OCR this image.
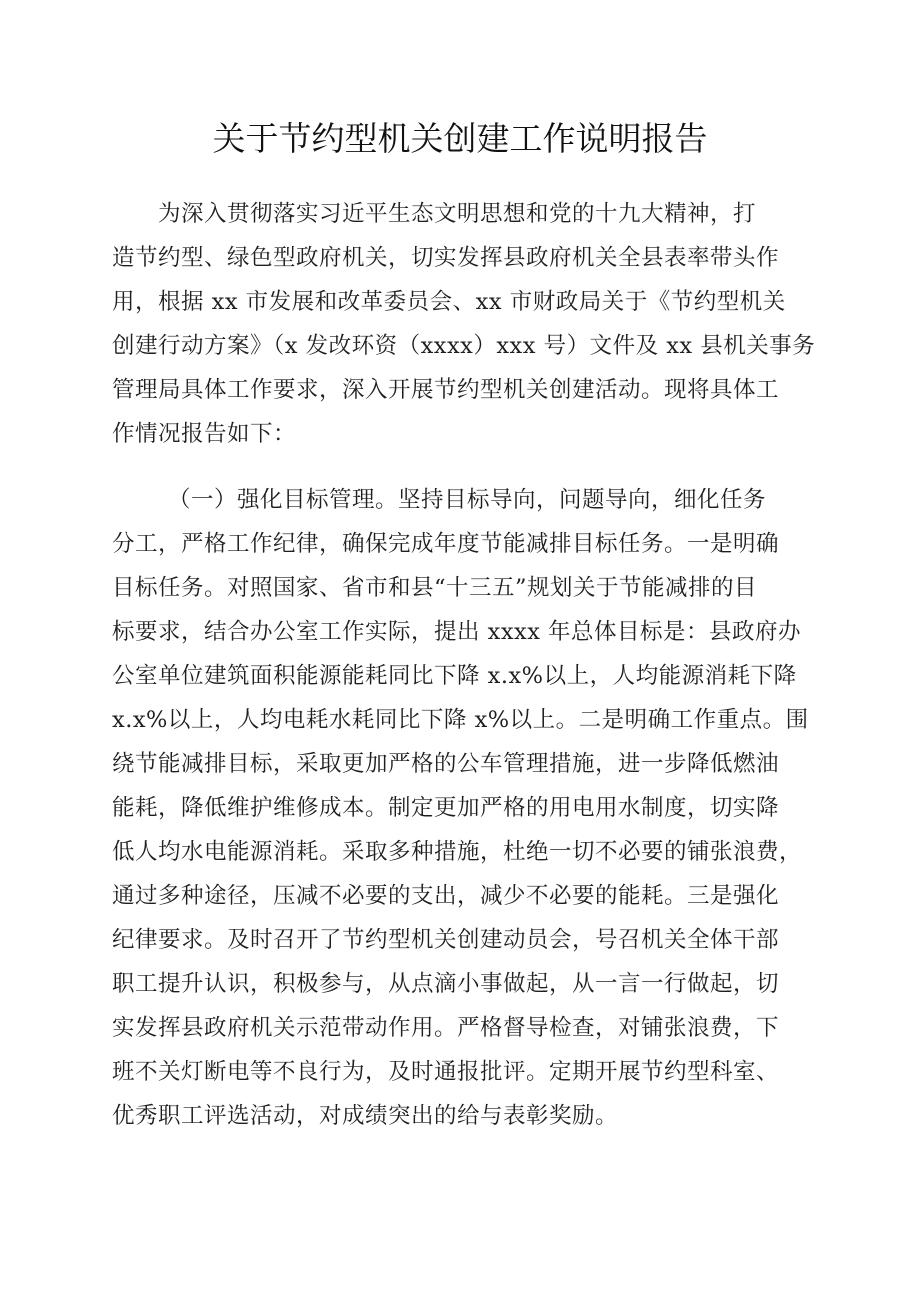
关于节约型机关创建工作说明报告
为深入贯彻落实习近平生态文明思想和党的十九大精神，打
造节约型、绿色型政府机关，切实发挥县政府机关全县表率带头作
用，根据 xx 市发展和改革委员会、xx 市财政局关于《节约型机关
创建行动方案》（x 发改环资（xxxx）xxx 号）文件及 xx 县机关事务
管理局具体工作要求，深入开展节约型机关创建活动。现将具体工
作情况报告如下：
（一）强化目标管理。坚持目标导向，问题导向，细化任务
分工，严格工作纪律，确保完成年度节能减排目标任务。一是明确
目标任务。对照国家、省市和县“十三五”规划关于节能减排的目
标要求，结合办公室工作实际，提出 xxxx 年总体目标是：县政府办
公室单位建筑面积能源能耗同比下降 x.x%以上，人均能源消耗下降
x.x%以上，人均电耗水耗同比下降 x%以上。二是明确工作重点。围
绕节能减排目标，采取更加严格的公车管理措施，进一步降低燃油
能耗，降低维护维修成本。制定更加严格的用电用水制度，切实降
低人均水电能源消耗。采取多种措施，杜绝一切不必要的铺张浪费，
通过多种途径，压减不必要的支出，减少不必要的能耗。三是强化
纪律要求。及时召开了节约型机关创建动员会，号召机关全体干部
职工提升认识，积极参与，从点滴小事做起，从一言一行做起，切
实发挥县政府机关示范带动作用。严格督导检查，对铺张浪费，下
班不关灯断电等不良行为，及时通报批评。定期开展节约型科室、
优秀职工评选活动，对成绩突出的给与表彰奖励。
